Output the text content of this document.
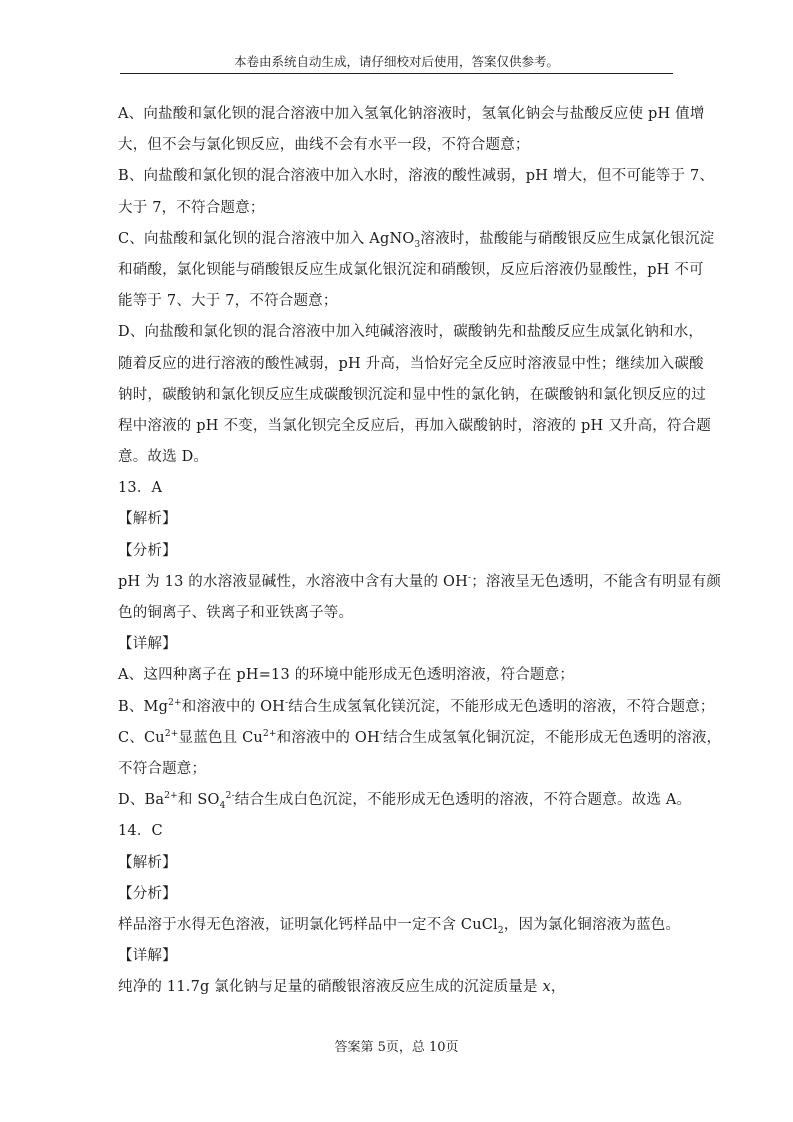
本卷由系统自动生成，请仔细校对后使用，答案仅供参考。
A、向盐酸和氯化钡的混合溶液中加入氢氧化钠溶液时，氢氧化钠会与盐酸反应使 pH 值增
大，但不会与氯化钡反应，曲线不会有水平一段，不符合题意；
B、向盐酸和氯化钡的混合溶液中加入水时，溶液的酸性减弱，pH 增大，但不可能等于 7、
大于 7，不符合题意；
C、向盐酸和氯化钡的混合溶液中加入 AgNO$_3$溶液时，盐酸能与硝酸银反应生成氯化银沉淀
和硝酸，氯化钡能与硝酸银反应生成氯化银沉淀和硝酸钡，反应后溶液仍显酸性，pH 不可
能等于 7、大于 7，不符合题意；
D、向盐酸和氯化钡的混合溶液中加入纯碱溶液时，碳酸钠先和盐酸反应生成氯化钠和水，
随着反应的进行溶液的酸性减弱，pH 升高，当恰好完全反应时溶液显中性；继续加入碳酸
钠时，碳酸钠和氯化钡反应生成碳酸钡沉淀和显中性的氯化钠，在碳酸钠和氯化钡反应的过
程中溶液的 pH 不变，当氯化钡完全反应后，再加入碳酸钠时，溶液的 pH 又升高，符合题
意。故选 D。
13．A
【解析】
【分析】
pH 为 13 的水溶液显碱性，水溶液中含有大量的 OH-；溶液呈无色透明，不能含有明显有颜
色的铜离子、铁离子和亚铁离子等。
【详解】
A、这四种离子在 pH=13 的环境中能形成无色透明溶液，符合题意；
B、$Mg^{2+}$和溶液中的 OH-结合生成氢氧化镁沉淀，不能形成无色透明的溶液，不符合题意；
C、$Cu^{2+}$显蓝色且 $Cu^{2+}$和溶液中的 OH-结合生成氢氧化铜沉淀，不能形成无色透明的溶液，
不符合题意；
D、$Ba^{2+}$和 $SO_4^{2-}$结合生成白色沉淀，不能形成无色透明的溶液，不符合题意。故选 A。
14．C
【解析】
【分析】
样品溶于水得无色溶液，证明氯化钙样品中一定不含 CuCl$_2$，因为氯化铜溶液为蓝色。
【详解】
纯净的 11.7g 氯化钠与足量的硝酸银溶液反应生成的沉淀质量是 x，
答案第 5页，总 10页
